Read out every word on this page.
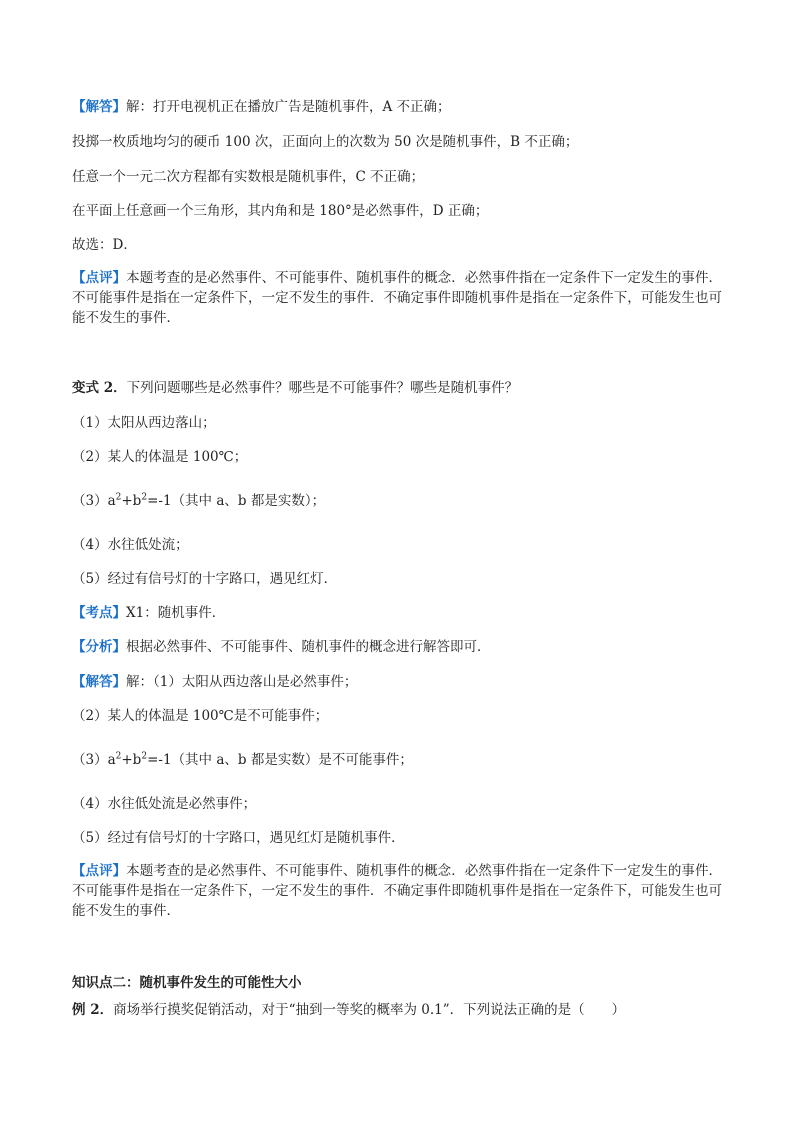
【解答】解：打开电视机正在播放广告是随机事件，A 不正确；
投掷一枚质地均匀的硬币 100 次，正面向上的次数为 50 次是随机事件，B 不正确；
任意一个一元二次方程都有实数根是随机事件，C 不正确；
在平面上任意画一个三角形，其内角和是 180°是必然事件，D 正确；
故选：D．
【点评】本题考查的是必然事件、不可能事件、随机事件的概念．必然事件指在一定条件下一定发生的事件．不可能事件是指在一定条件下，一定不发生的事件．不确定事件即随机事件是指在一定条件下，可能发生也可能不发生的事件．
变式 2．下列问题哪些是必然事件？哪些是不可能事件？哪些是随机事件？
（1）太阳从西边落山；
（2）某人的体温是 100℃；
$(3)a^2+b^2=-1$（其中 a、b 都是实数）；
（4）水往低处流；
（5）经过有信号灯的十字路口，遇见红灯．
【考点】X1：随机事件．
【分析】根据必然事件、不可能事件、随机事件的概念进行解答即可．
【解答】解：（1）太阳从西边落山是必然事件；
（2）某人的体温是 100℃是不可能事件；
$(3)a^2+b^2=-1$（其中 a、b 都是实数）是不可能事件；
（4）水往低处流是必然事件；
（5）经过有信号灯的十字路口，遇见红灯是随机事件．
【点评】本题考查的是必然事件、不可能事件、随机事件的概念．必然事件指在一定条件下一定发生的事件．不可能事件是指在一定条件下，一定不发生的事件．不确定事件即随机事件是指在一定条件下，可能发生也可能不发生的事件．
知识点二：随机事件发生的可能性大小
例 2．商场举行摸奖促销活动，对于“抽到一等奖的概率为 0.1”．下列说法正确的是（　　）
